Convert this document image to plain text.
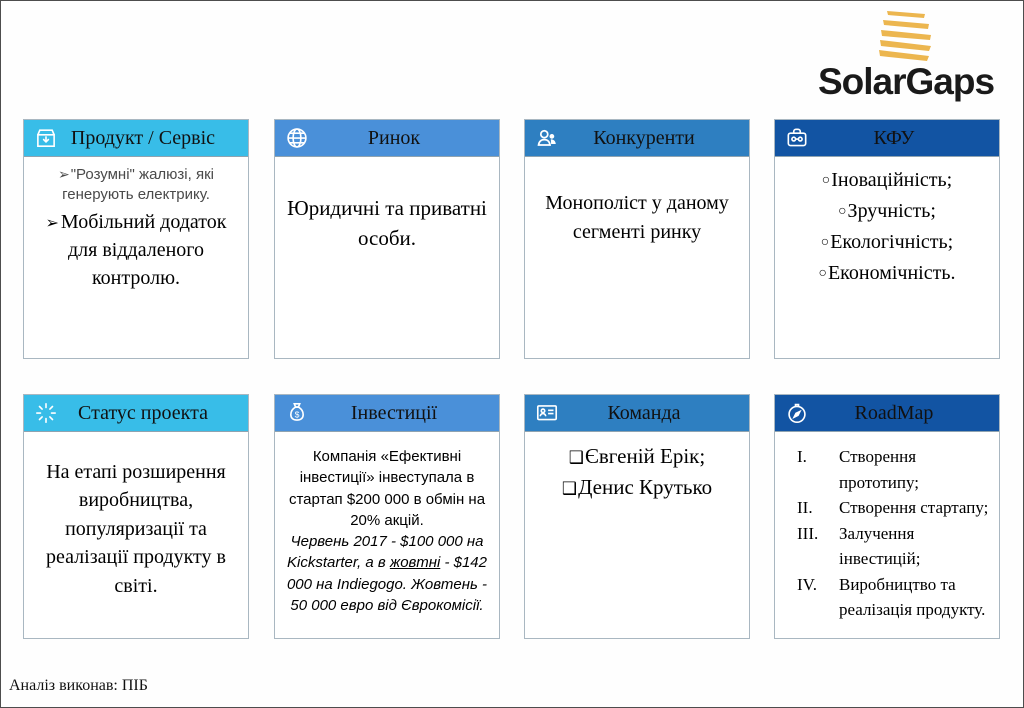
SolarGaps
Продукт / Сервіс
➢"Розумні" жалюзі, які генерують електрику.
➢ Мобільний додаток для віддаленого контролю.
Ринок
Юридичні та приватні особи.
Конкуренти
Монополіст у даному сегменті ринку
КФУ
○Іноваційність;
○Зручність;
○Екологічність;
○Економічність.
Статус проекта
На етапі розширення виробництва, популяризації та реалізації продукту в світі.
$	Інвестиції
Компанія «Ефективні інвестиції» інвеступала в стартап $200 000 в обмін на 20% акцій.
Червень 2017 - $100 000 на Kickstarter, а в жовтні - $142 000 на Indiegogo. Жовтень - 50 000 евро від Єврокомісії.
Команда
❑Євгеній Ерік;
❑Денис Крутько
RoadMap
I.	Створення прототипу;
II.	Створення стартапу;
III.	Залучення інвестицій;
IV.	Виробництво та реалізація продукту.
Аналіз виконав: ПІБ
